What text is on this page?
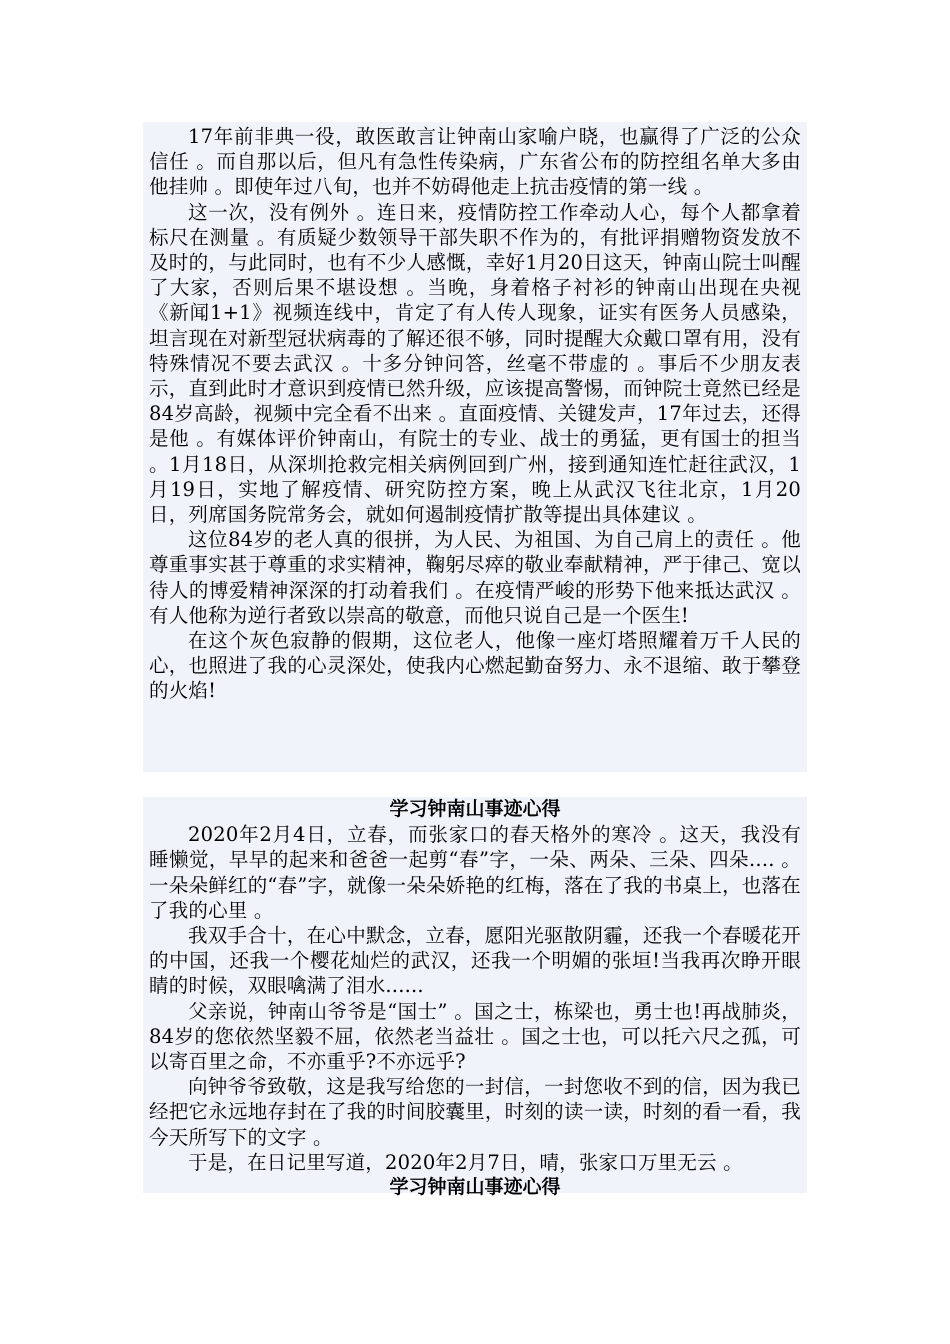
17年前非典一役，敢医敢言让钟南山家喻户晓，也赢得了广泛的公众信任 。而自那以后，但凡有急性传染病，广东省公布的防控组名单大多由他挂帅 。即使年过八旬，也并不妨碍他走上抗击疫情的第一线 。

这一次，没有例外 。连日来，疫情防控工作牵动人心，每个人都拿着标尺在测量 。有质疑少数领导干部失职不作为的，有批评捐赠物资发放不及时的，与此同时，也有不少人感慨，幸好1月20日这天，钟南山院士叫醒了大家，否则后果不堪设想 。当晚，身着格子衬衫的钟南山出现在央视《新闻1+1》视频连线中，肯定了有人传人现象，证实有医务人员感染，坦言现在对新型冠状病毒的了解还很不够，同时提醒大众戴口罩有用，没有特殊情况不要去武汉 。十多分钟问答，丝毫不带虚的 。事后不少朋友表示，直到此时才意识到疫情已然升级，应该提高警惕，而钟院士竟然已经是84岁高龄，视频中完全看不出来 。直面疫情、关键发声，17年过去，还得是他 。有媒体评价钟南山，有院士的专业、战士的勇猛，更有国士的担当 。1月18日，从深圳抢救完相关病例回到广州，接到通知连忙赶往武汉，1月19日，实地了解疫情、研究防控方案，晚上从武汉飞往北京，1月20日，列席国务院常务会，就如何遏制疫情扩散等提出具体建议 。

这位84岁的老人真的很拼，为人民、为祖国、为自己肩上的责任 。他尊重事实甚于尊重的求实精神，鞠躬尽瘁的敬业奉献精神，严于律己、宽以待人的博爱精神深深的打动着我们 。在疫情严峻的形势下他来抵达武汉 。有人他称为逆行者致以崇高的敬意，而他只说自己是一个医生!

在这个灰色寂静的假期，这位老人，他像一座灯塔照耀着万千人民的心，也照进了我的心灵深处，使我内心燃起勤奋努力、永不退缩、敢于攀登的火焰!

学习钟南山事迹心得

2020年2月4日，立春，而张家口的春天格外的寒冷 。这天，我没有睡懒觉，早早的起来和爸爸一起剪“春”字，一朵、两朵、三朵、四朵.... 。一朵朵鲜红的“春”字，就像一朵朵娇艳的红梅，落在了我的书桌上，也落在了我的心里 。

我双手合十，在心中默念，立春，愿阳光驱散阴霾，还我一个春暖花开的中国，还我一个樱花灿烂的武汉，还我一个明媚的张垣!当我再次睁开眼睛的时候，双眼噙满了泪水......

父亲说，钟南山爷爷是“国士” 。国之士，栋梁也，勇士也!再战肺炎，84岁的您依然坚毅不屈，依然老当益壮 。国之士也，可以托六尺之孤，可以寄百里之命，不亦重乎?不亦远乎?

向钟爷爷致敬，这是我写给您的一封信，一封您收不到的信，因为我已经把它永远地存封在了我的时间胶囊里，时刻的读一读，时刻的看一看，我今天所写下的文字 。

于是，在日记里写道，2020年2月7日，晴，张家口万里无云 。

学习钟南山事迹心得
